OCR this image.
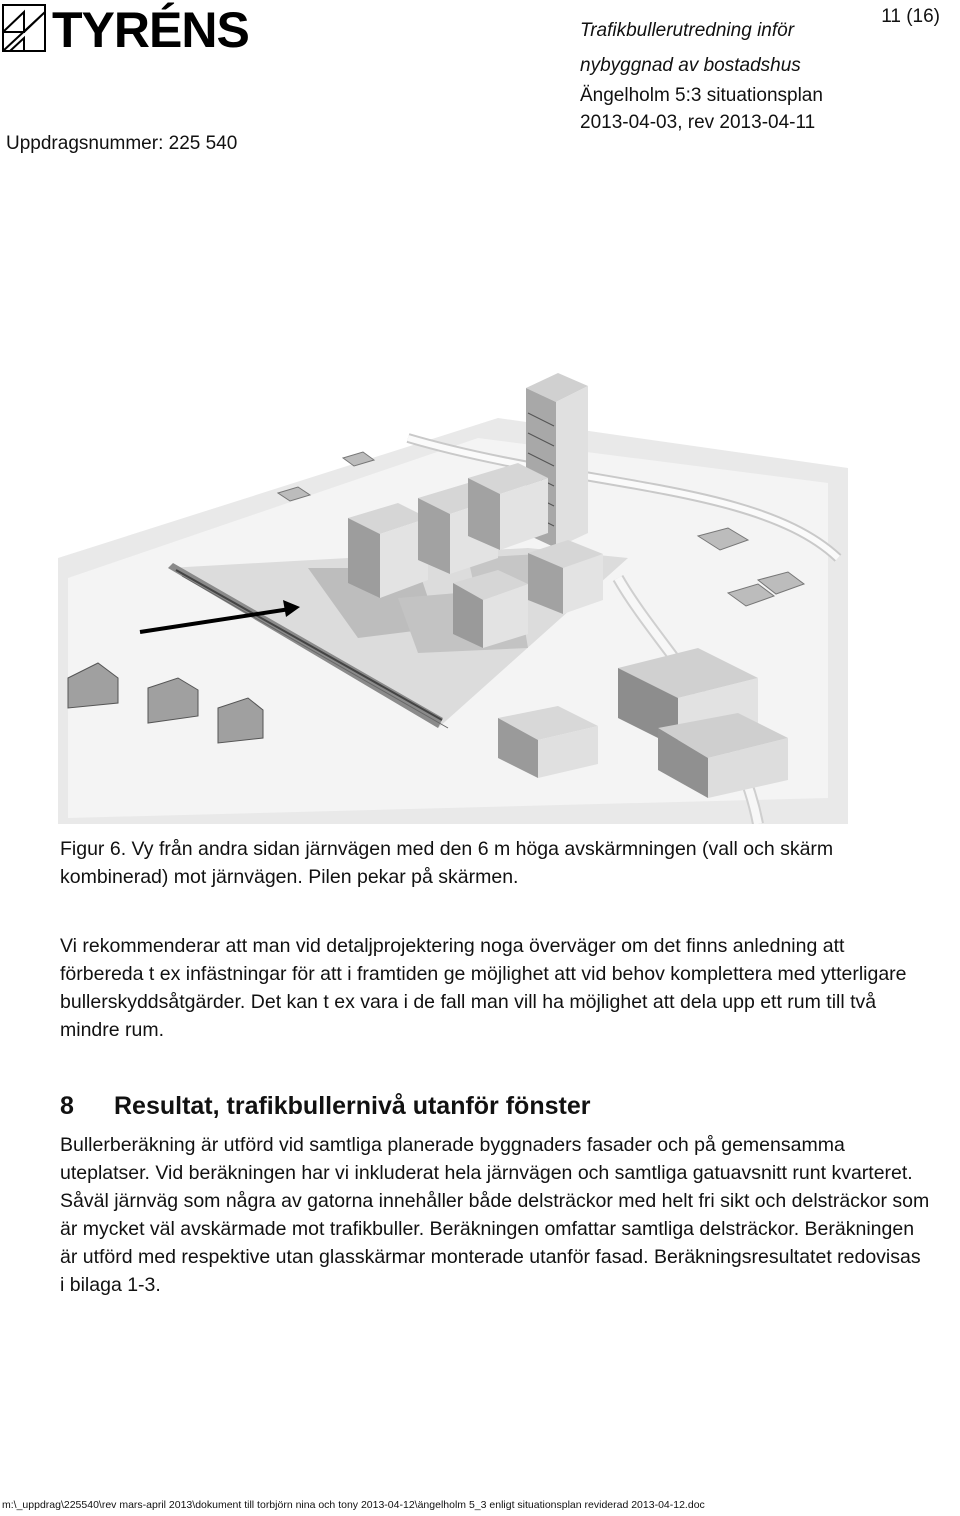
TYRÉNS	Trafikbullerutredning inför
nybyggnad av bostadshus
Ängelholm 5:3 situationsplan
2013-04-03, rev 2013-04-11
11 (16)
Uppdragsnummer: 225 540
Figur 6. Vy från andra sidan järnvägen med den 6 m höga avskärmningen (vall och skärm kombinerad) mot järnvägen. Pilen pekar på skärmen.
Vi rekommenderar att man vid detaljprojektering noga överväger om det finns anledning att förbereda t ex infästningar för att i framtiden ge möjlighet att vid behov komplettera med ytterligare bullerskyddsåtgärder. Det kan t ex vara i de fall man vill ha möjlighet att dela upp ett rum till två mindre rum.
8 Resultat, trafikbullernivå utanför fönster
Bullerberäkning är utförd vid samtliga planerade byggnaders fasader och på gemensamma uteplatser. Vid beräkningen har vi inkluderat hela järnvägen och samtliga gatuavsnitt runt kvarteret. Såväl järnväg som några av gatorna innehåller både delsträckor med helt fri sikt och delsträckor som är mycket väl avskärmade mot trafikbuller. Beräkningen omfattar samtliga delsträckor. Beräkningen är utförd med respektive utan glasskärmar monterade utanför fasad. Beräkningsresultatet redovisas i bilaga 1-3.
m:\_uppdrag\225540\rev mars-april 2013\dokument till torbjörn nina och tony 2013-04-12\ängelholm 5_3 enligt situationsplan reviderad 2013-04-12.doc
